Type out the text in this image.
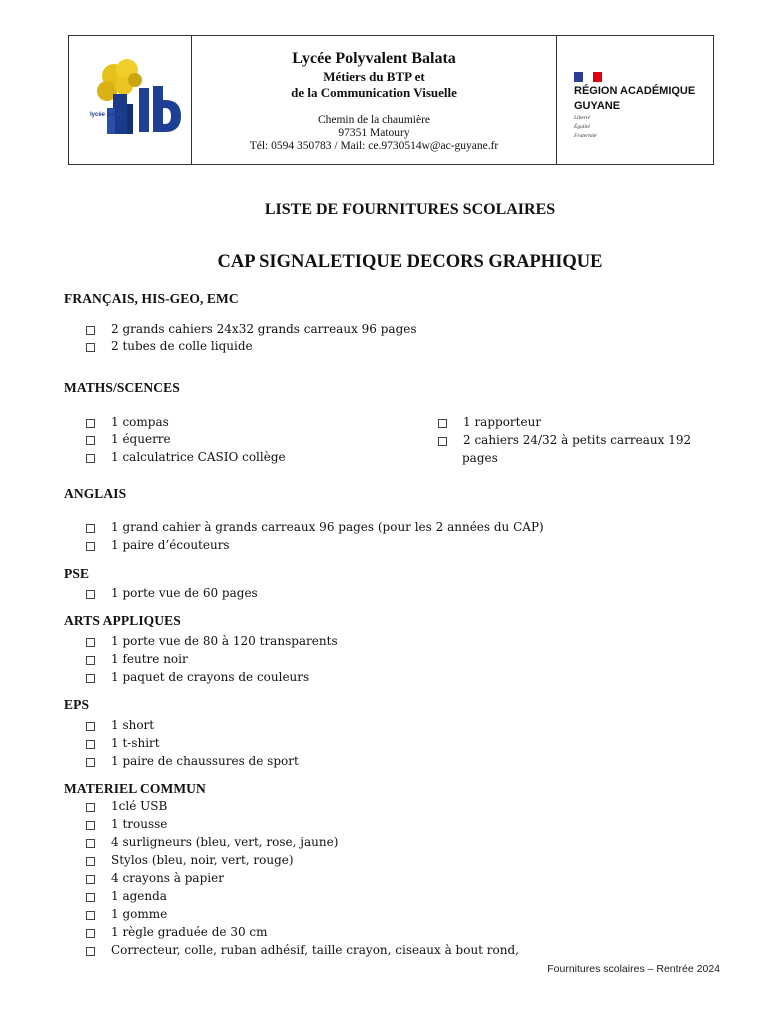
lycée balata
Lycée Polyvalent Balata
Métiers du BTP et
de la Communication Visuelle
Chemin de la chaumière
97351 Matoury
Tél: 0594 350783 / Mail: ce.9730514w@ac-guyane.fr
RÉGION ACADÉMIQUE
GUYANE
Liberté
Égalité
Fraternité
LISTE DE FOURNITURES SCOLAIRES
CAP SIGNALETIQUE DECORS GRAPHIQUE
FRANÇAIS, HIS-GEO, EMC
2 grands cahiers 24x32 grands carreaux 96 pages
2 tubes de colle liquide
MATHS/SCENCES
1 compas
1 équerre
1 calculatrice CASIO collège
1 rapporteur
2 cahiers 24/32 à petits carreaux 192
pages
ANGLAIS
1 grand cahier à grands carreaux 96 pages (pour les 2 années du CAP)
1 paire d’écouteurs
PSE
1 porte vue de 60 pages
ARTS APPLIQUES
1 porte vue de 80 à 120 transparents
1 feutre noir
1 paquet de crayons de couleurs
EPS
1 short
1 t-shirt
1 paire de chaussures de sport
MATERIEL COMMUN
1clé USB
1 trousse
4 surligneurs (bleu, vert, rose, jaune)
Stylos (bleu, noir, vert, rouge)
4 crayons à papier
1 agenda
1 gomme
1 règle graduée de 30 cm
Correcteur, colle, ruban adhésif, taille crayon, ciseaux à bout rond,
Fournitures scolaires – Rentrée 2024
